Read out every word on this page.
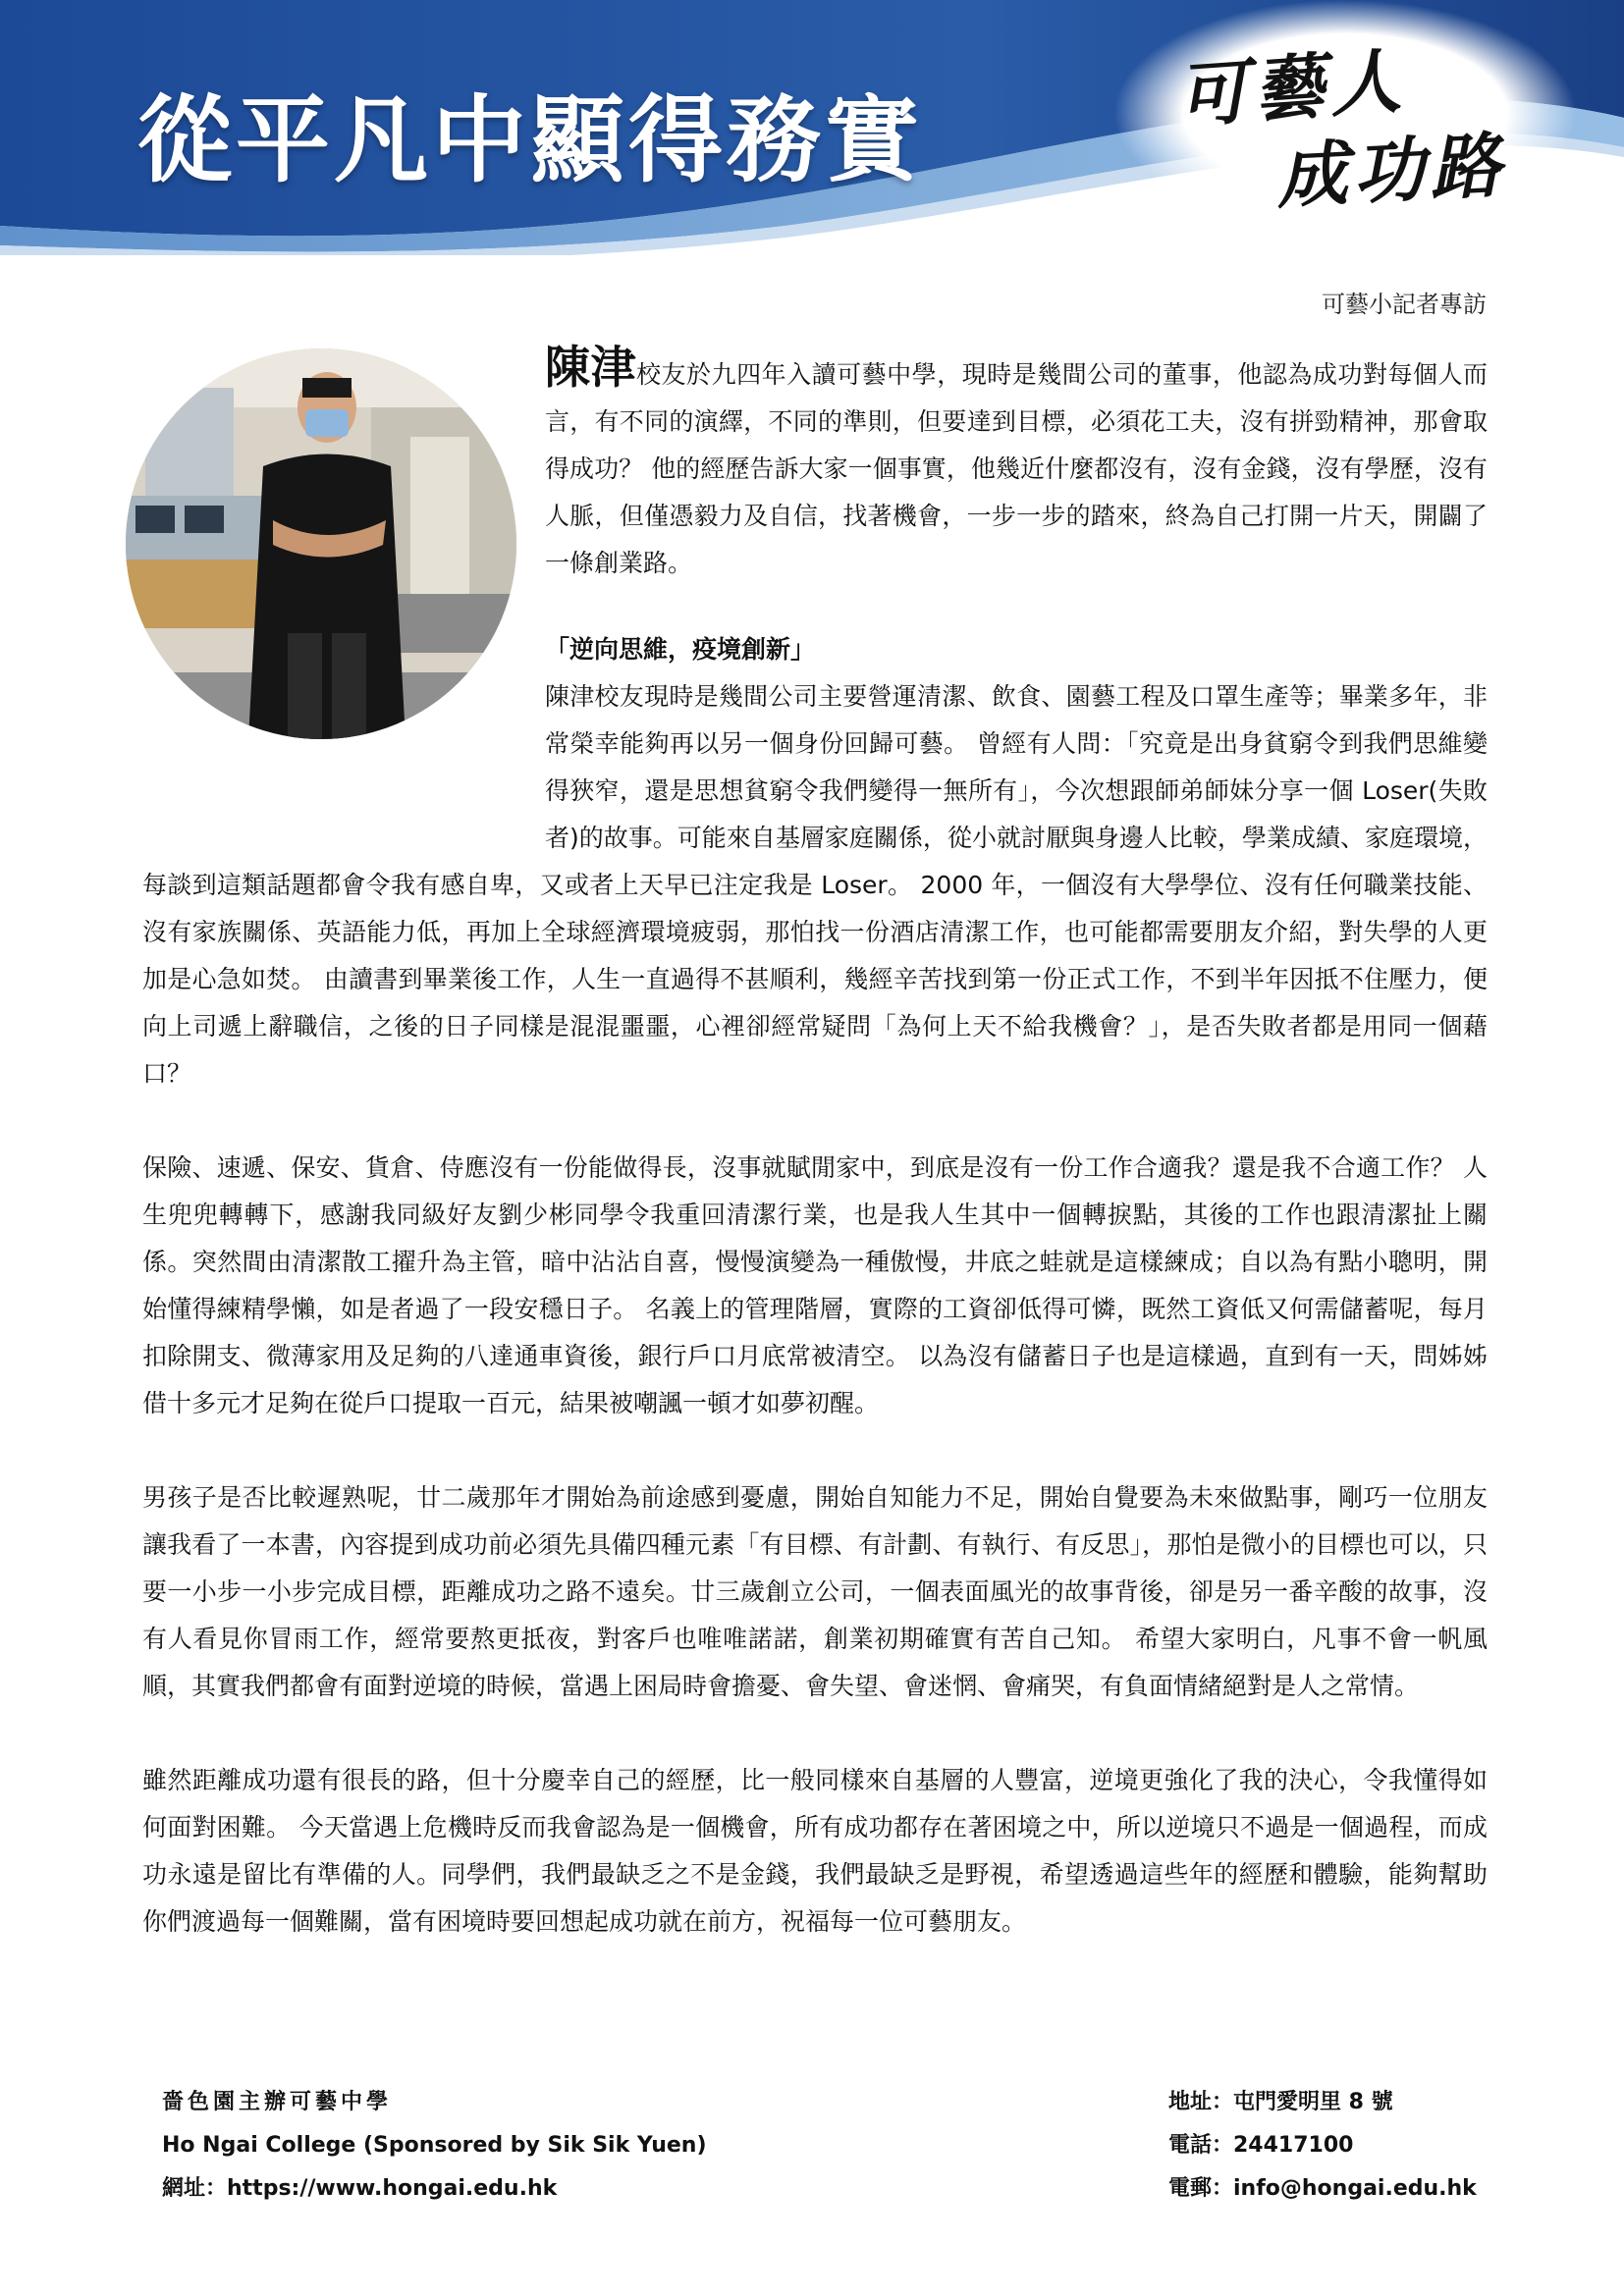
從平凡中顯得務實	可藝人
成功路
可藝小記者專訪

陳津校友於九四年入讀可藝中學，現時是幾間公司的董事，他認為成功對每個人而言，有不同的演繹，不同的準則，但要達到目標，必須花工夫，沒有拼勁精神，那會取得成功？ 他的經歷告訴大家一個事實，他幾近什麼都沒有，沒有金錢，沒有學歷，沒有人脈，但僅憑毅力及自信，找著機會，一步一步的踏來，終為自己打開一片天，開闢了一條創業路。

「逆向思維，疫境創新」

陳津校友現時是幾間公司主要營運清潔、飲食、園藝工程及口罩生產等；畢業多年，非常榮幸能夠再以另一個身份回歸可藝。 曾經有人問：「究竟是出身貧窮令到我們思維變得狹窄，還是思想貧窮令我們變得一無所有」，今次想跟師弟師妹分享一個 Loser(失敗者)的故事。可能來自基層家庭關係，從小就討厭與身邊人比較，學業成績、家庭環境，每談到這類話題都會令我有感自卑，又或者上天早已注定我是 Loser。 2000 年，一個沒有大學學位、沒有任何職業技能、沒有家族關係、英語能力低，再加上全球經濟環境疲弱，那怕找一份酒店清潔工作，也可能都需要朋友介紹，對失學的人更加是心急如焚。 由讀書到畢業後工作，人生一直過得不甚順利，幾經辛苦找到第一份正式工作，不到半年因抵不住壓力，便向上司遞上辭職信，之後的日子同樣是混混噩噩，心裡卻經常疑問「為何上天不給我機會？」，是否失敗者都是用同一個藉口？

保險、速遞、保安、貨倉、侍應沒有一份能做得長，沒事就賦閒家中，到底是沒有一份工作合適我？還是我不合適工作？ 人生兜兜轉轉下，感謝我同級好友劉少彬同學令我重回清潔行業，也是我人生其中一個轉捩點，其後的工作也跟清潔扯上關係。突然間由清潔散工擢升為主管，暗中沾沾自喜，慢慢演變為一種傲慢，井底之蛙就是這樣練成；自以為有點小聰明，開始懂得練精學懶，如是者過了一段安穩日子。 名義上的管理階層，實際的工資卻低得可憐，既然工資低又何需儲蓄呢，每月扣除開支、微薄家用及足夠的八達通車資後，銀行戶口月底常被清空。 以為沒有儲蓄日子也是這樣過，直到有一天，問姊姊借十多元才足夠在從戶口提取一百元，結果被嘲諷一頓才如夢初醒。

男孩子是否比較遲熟呢，廿二歲那年才開始為前途感到憂慮，開始自知能力不足，開始自覺要為未來做點事，剛巧一位朋友讓我看了一本書，內容提到成功前必須先具備四種元素「有目標、有計劃、有執行、有反思」，那怕是微小的目標也可以，只要一小步一小步完成目標，距離成功之路不遠矣。廿三歲創立公司，一個表面風光的故事背後，卻是另一番辛酸的故事，沒有人看見你冒雨工作，經常要熬更抵夜，對客戶也唯唯諾諾，創業初期確實有苦自己知。 希望大家明白，凡事不會一帆風順，其實我們都會有面對逆境的時候，當遇上困局時會擔憂、會失望、會迷惘、會痛哭，有負面情緒絕對是人之常情。

雖然距離成功還有很長的路，但十分慶幸自己的經歷，比一般同樣來自基層的人豐富，逆境更強化了我的決心，令我懂得如何面對困難。 今天當遇上危機時反而我會認為是一個機會，所有成功都存在著困境之中，所以逆境只不過是一個過程，而成功永遠是留比有準備的人。同學們，我們最缺乏之不是金錢，我們最缺乏是野視，希望透過這些年的經歷和體驗，能夠幫助你們渡過每一個難關，當有困境時要回想起成功就在前方，祝福每一位可藝朋友。

嗇色園主辦可藝中學
Ho Ngai College (Sponsored by Sik Sik Yuen)
網址：https://www.hongai.edu.hk
地址：屯門愛明里 8 號
電話：24417100
電郵：info@hongai.edu.hk
